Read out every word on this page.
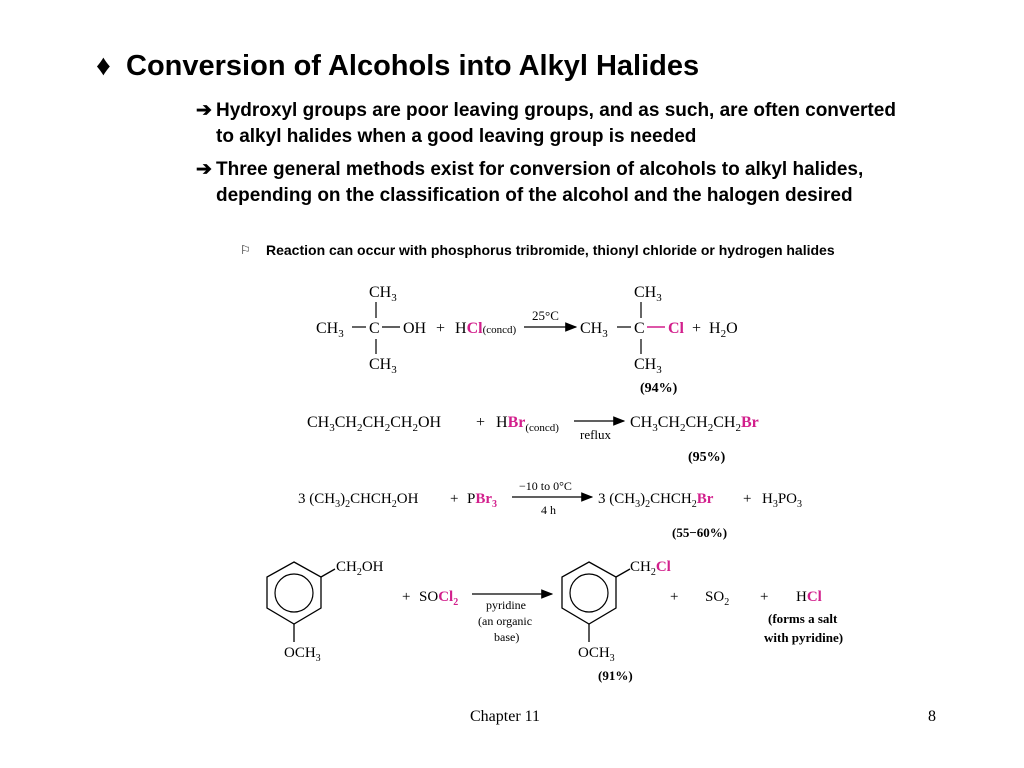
♦ Conversion of Alcohols into Alkyl Halides
➔ Hydroxyl groups are poor leaving groups, and as such, are often converted to alkyl halides when a good leaving group is needed
➔ Three general methods exist for conversion of alcohols to alkyl halides, depending on the classification of the alcohol and the halogen desired
⚐	Reaction can occur with phosphorus tribromide, thionyl chloride or hydrogen halides
$CH_3$
$CH_3$ C OH
$CH_3$
+ HCl(concd)
25°C
$CH_3$
$CH_3$ C Cl
$CH_3$
+ $H_2O$
(94%)
$CH_3CH_2CH_2CH_2OH + HBr_{(concd)}$ reflux
$CH_3CH_2CH_2CH_2Br$
(95%)
3 $(CH_3)_2CHCH_2OH + PBr_3$
−10 to 0°C
4 h
3 $(CH_3)_2CHCH_2Br + H_3PO_3$
(55−60%)
$CH_2OH$
$OCH_3$
+ SOCl$_2$ pyridine
(an organic
base)
$CH_2Cl$
$OCH_3$
+ $SO_2$ + HCl
(forms a salt
with pyridine)
(91%)
Chapter 11	8
